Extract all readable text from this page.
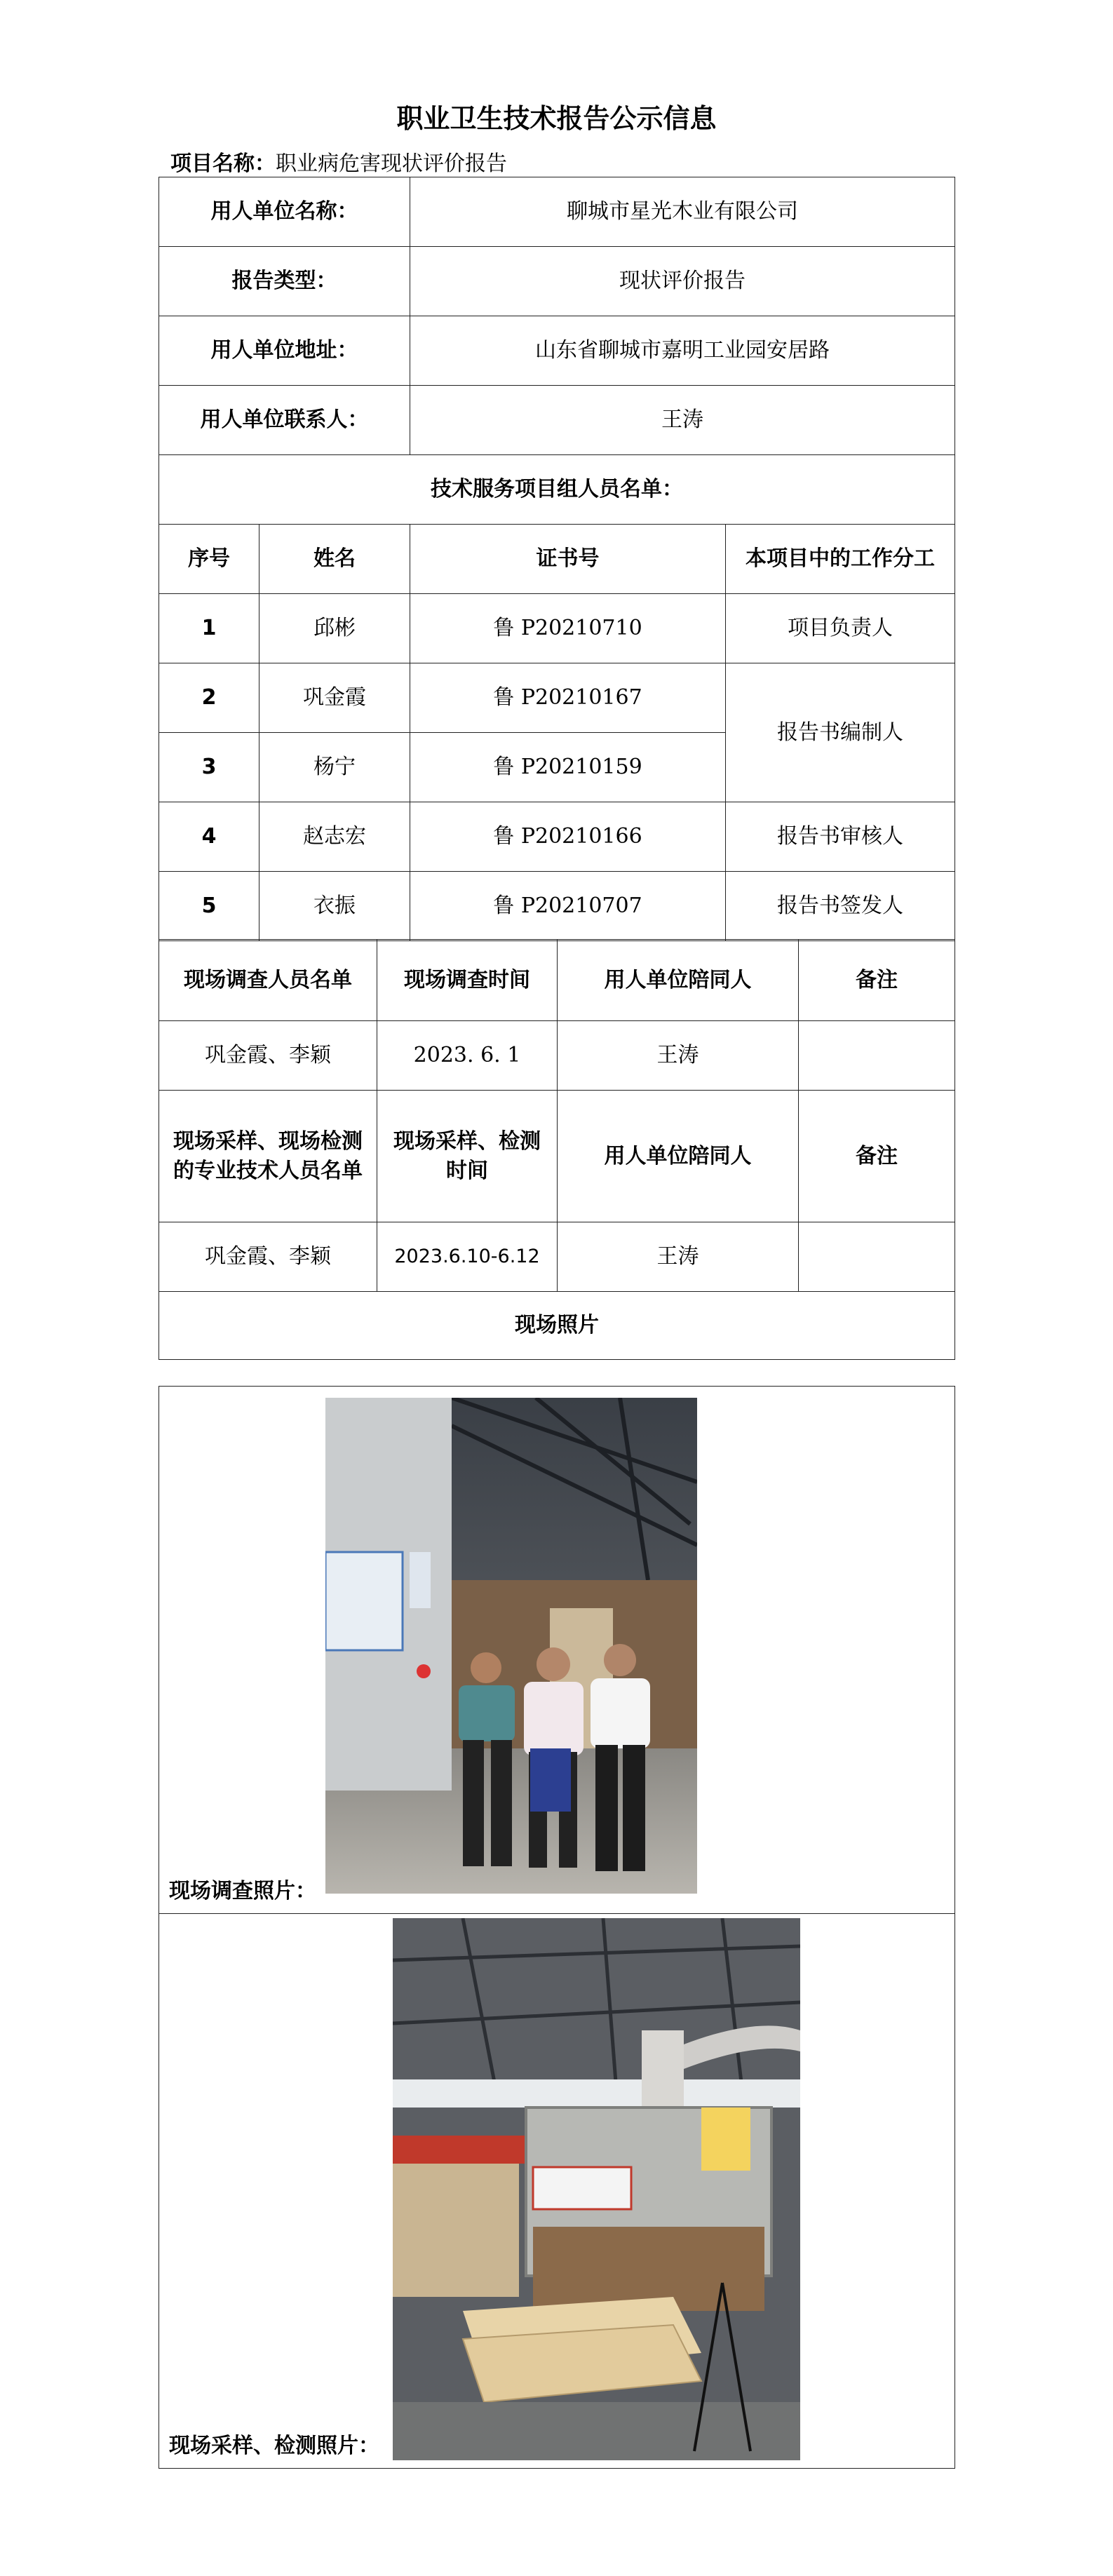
职业卫生技术报告公示信息
项目名称：职业病危害现状评价报告
用人单位名称：		聊城市星光木业有限公司	
报告类型：		现状评价报告	
用人单位地址：		山东省聊城市嘉明工业园安居路	
用人单位联系人：		王涛	
技术服务项目组人员名单：			
序号	姓名	证书号	本项目中的工作分工
1	邱彬	鲁 P20210710	项目负责人
2	巩金霞	鲁 P20210167	报告书编制人
3	杨宁	鲁 P20210159	
4	赵志宏	鲁 P20210166	报告书审核人
5	衣振	鲁 P20210707	报告书签发人
现场调查人员名单	现场调查时间	用人单位陪同人	备注
巩金霞、李颖	2023. 6. 1	王涛	
现场采样、现场检测的专业技术人员名单	现场采样、检测时间	用人单位陪同人	备注
巩金霞、李颖	2023.6.10-6.12	王涛	
现场照片			
现场调查照片：

现场采样、检测照片：
